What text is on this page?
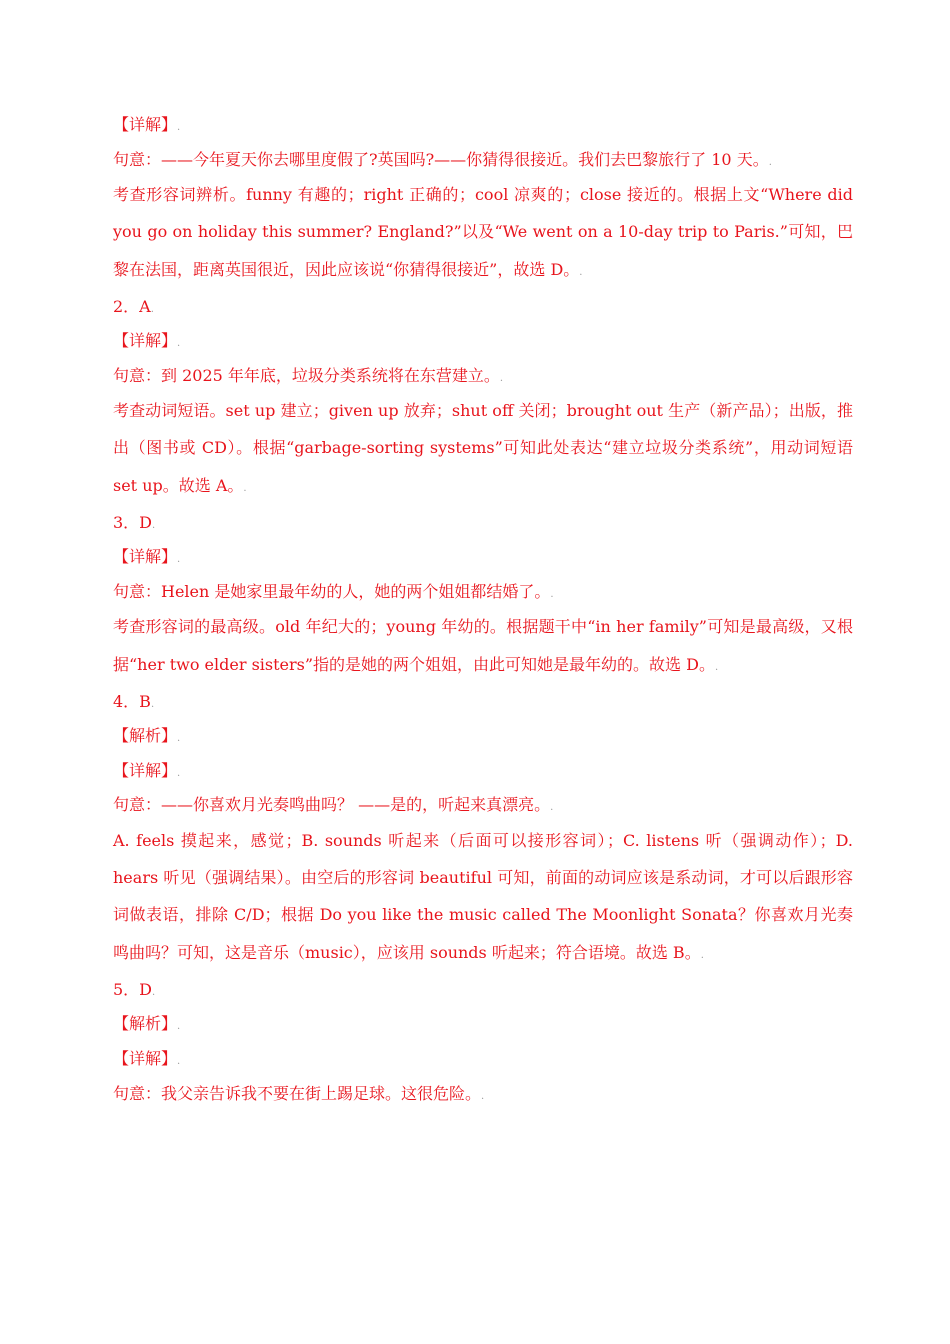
【详解】.
句意：——今年夏天你去哪里度假了?英国吗?——你猜得很接近。我们去巴黎旅行了 10 天。.
考查形容词辨析。funny 有趣的；right 正确的；cool 凉爽的；close 接近的。根据上文“Where did you go on holiday this summer? England?”以及“We went on a 10-day trip to Paris.”可知，巴黎在法国，距离英国很近，因此应该说“你猜得很接近”，故选 D。.
2．A.
【详解】.
句意：到 2025 年年底，垃圾分类系统将在东营建立。.
考查动词短语。set up 建立；given up 放弃；shut off 关闭；brought out 生产（新产品）；出版，推出（图书或 CD）。根据“garbage-sorting systems”可知此处表达“建立垃圾分类系统”，用动词短语 set up。故选 A。.
3．D.
【详解】.
句意：Helen 是她家里最年幼的人，她的两个姐姐都结婚了。.
考查形容词的最高级。old 年纪大的；young 年幼的。根据题干中“in her family”可知是最高级，又根据“her two elder sisters”指的是她的两个姐姐，由此可知她是最年幼的。故选 D。.
4．B.
【解析】.
【详解】.
句意：——你喜欢月光奏鸣曲吗？ ——是的，听起来真漂亮。.
A. feels 摸起来，感觉；B. sounds 听起来（后面可以接形容词）；C. listens 听（强调动作）；D. hears 听见（强调结果）。由空后的形容词 beautiful 可知，前面的动词应该是系动词，才可以后跟形容词做表语，排除 C/D；根据 Do you like the music called The Moonlight Sonata？你喜欢月光奏鸣曲吗？可知，这是音乐（music），应该用 sounds 听起来；符合语境。故选 B。.
5．D.
【解析】.
【详解】.
句意：我父亲告诉我不要在街上踢足球。这很危险。.
